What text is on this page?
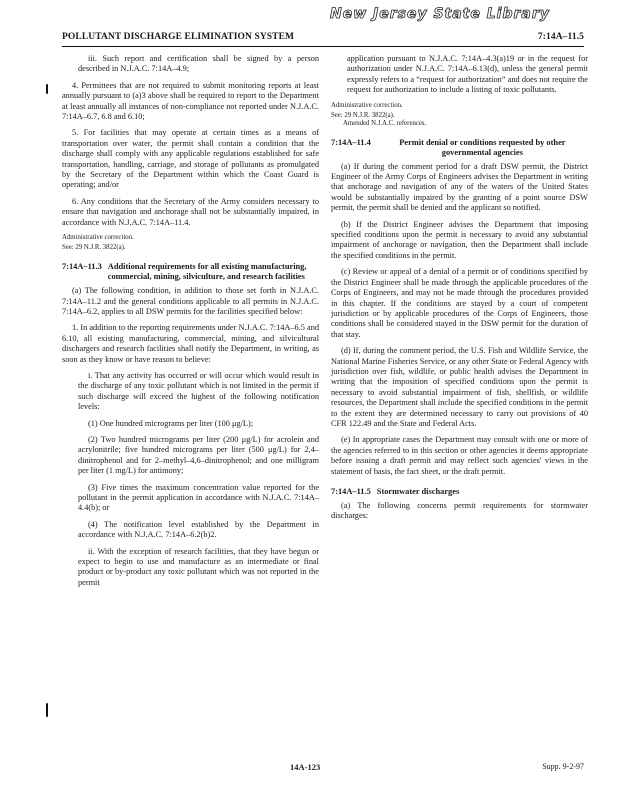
POLLUTANT DISCHARGE ELIMINATION SYSTEM
New Jersey State Library
7:14A–11.5

iii. Such report and certification shall be signed by a person described in N.J.A.C. 7:14A–4.9;

4. Permittees that are not required to submit monitoring reports at least annually pursuant to (a)3 above shall be required to report to the Department at least annually all instances of non-compliance not reported under N.J.A.C. 7:14A–6.7, 6.8 and 6.10;

5. For facilities that may operate at certain times as a means of transportation over water, the permit shall contain a condition that the discharge shall comply with any applicable regulations established for safe transportation, handling, carriage, and storage of pollutants as promulgated by the Secretary of the Department within which the Coast Guard is operating; and/or

6. Any conditions that the Secretary of the Army considers necessary to ensure that navigation and anchorage shall not be substantially impaired, in accordance with N.J.A.C. 7:14A–11.4.

Administrative correction.

See: 29 N.J.R. 3822(a).

7:14A–11.3 Additional requirements for all existing manufacturing, commercial, mining, silviculture, and research facilities

(a) The following condition, in addition to those set forth in N.J.A.C. 7:14A–11.2 and the general conditions applicable to all permits in N.J.A.C. 7:14A–6.2, applies to all DSW permits for the facilities specified below:

1. In addition to the reporting requirements under N.J.A.C. 7:14A–6.5 and 6.10, all existing manufacturing, commercial, mining, and silvicultural dischargers and research facilities shall notify the Department, in writing, as soon as they know or have reason to believe:

i. That any activity has occurred or will occur which would result in the discharge of any toxic pollutant which is not limited in the permit if such discharge will exceed the highest of the following notification levels:

(1) One hundred micrograms per liter (100 μg/L);

(2) Two hundred micrograms per liter (200 μg/L) for acrolein and acrylonitrile; five hundred micrograms per liter (500 μg/L) for 2,4–dinitrophenol and for 2–methyl–4,6–dinitrophenol; and one milligram per liter (1 mg/L) for antimony;

(3) Five times the maximum concentration value reported for the pollutant in the permit application in accordance with N.J.A.C. 7:14A–4.4(b); or

(4) The notification level established by the Department in accordance with N.J.A.C. 7:14A–6.2(b)2.

ii. With the exception of research facilities, that they have begun or expect to begin to use and manufacture as an intermediate or final product or by-product any toxic pollutant which was not reported in the permit

application pursuant to N.J.A.C. 7:14A–4.3(a)19 or in the request for authorization under N.J.A.C. 7:14A–6.13(d), unless the general permit expressly refers to a “request for authorization” and does not require the request for authorization to include a listing of toxic pollutants.

Administrative correction.

See: 29 N.J.R. 3822(a).

Amended N.J.A.C. references.

7:14A–11.4	Permit denial or conditions requested by other governmental agencies

(a) If during the comment period for a draft DSW permit, the District Engineer of the Army Corps of Engineers advises the Department in writing that anchorage and navigation of any of the waters of the United States would be substantially impaired by the granting of a point source DSW permit, the permit shall be denied and the applicant so notified.

(b) If the District Engineer advises the Department that imposing specified conditions upon the permit is necessary to avoid any substantial impairment of anchorage or navigation, then the Department shall include the specified conditions in the permit.

(c) Review or appeal of a denial of a permit or of conditions specified by the District Engineer shall be made through the applicable procedures of the Corps of Engineers, and may not be made through the procedures provided in this chapter. If the conditions are stayed by a court of competent jurisdiction or by applicable procedures of the Corps of Engineers, those conditions shall be considered stayed in the DSW permit for the duration of that stay.

(d) If, during the comment period, the U.S. Fish and Wildlife Service, the National Marine Fisheries Service, or any other State or Federal Agency with jurisdiction over fish, wildlife, or public health advises the Department in writing that the imposition of specified conditions upon the permit is necessary to avoid substantial impairment of fish, shellfish, or wildlife resources, the Department shall include the specified conditions in the permit to the extent they are determined necessary to carry out provisions of 40 CFR 122.49 and the State and Federal Acts.

(e) In appropriate cases the Department may consult with one or more of the agencies referred to in this section or other agencies it deems appropriate before issuing a draft permit and may reflect such agencies' views in the statement of basis, the fact sheet, or the draft permit.

7:14A–11.5 Stormwater discharges

(a) The following concerns permit requirements for stormwater discharges:

14A-123	Supp. 9-2-97
